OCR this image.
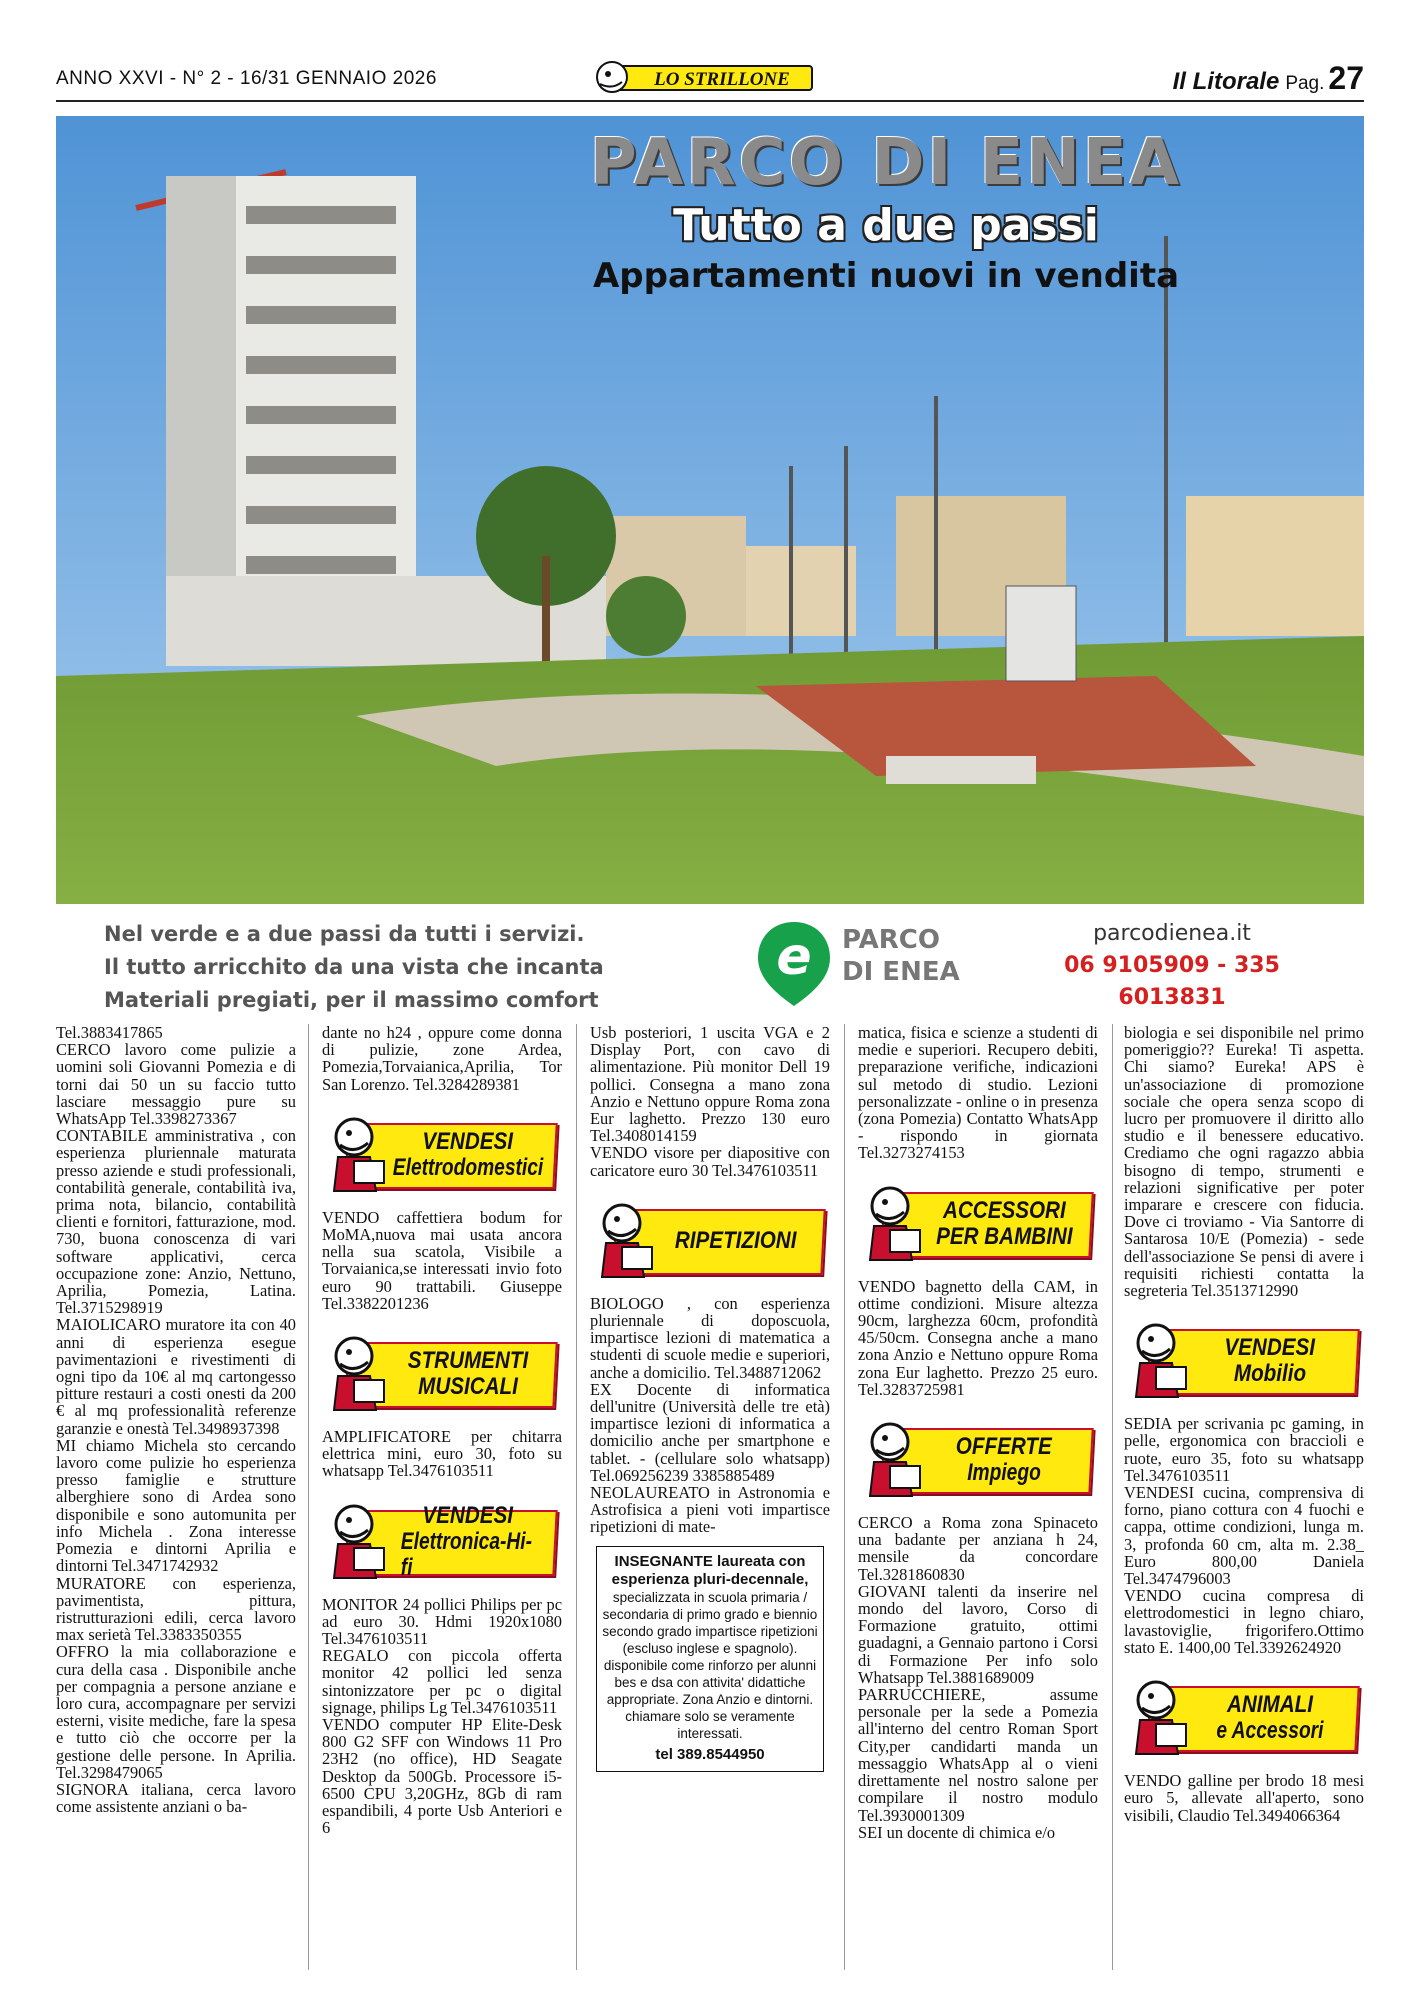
ANNO XXVI - N° 2 - 16/31 GENNAIO 2026	LO STRILLONE	Il Litorale Pag. 27
PARCO DI ENEA
Tutto a due passi
Appartamenti nuovi in vendita
Nel verde e a due passi da tutti i servizi.
Il tutto arricchito da una vista che incanta
Materiali pregiati, per il massimo comfort
e PARCO
DI ENEA
parcodienea.it
06 9105909 - 335 6013831

Tel.3883417865

CERCO lavoro come pulizie a uomini soli Giovanni Pomezia e di torni dai 50 un su faccio tutto lasciare messaggio pure su WhatsApp Tel.3398273367

CONTABILE amministrativa , con esperienza pluriennale maturata presso aziende e studi professionali, contabilità generale, contabilità iva, prima nota, bilancio, contabilità clienti e fornitori, fatturazione, mod. 730, buona conoscenza di vari software applicativi, cerca occupazione zone: Anzio, Nettuno, Aprilia, Pomezia, Latina. Tel.3715298919

MAIOLICARO muratore ita con 40 anni di esperienza esegue pavimentazioni e rivestimenti di ogni tipo da 10€ al mq cartongesso pitture restauri a costi onesti da 200 € al mq professionalità referenze garanzie e onestà Tel.3498937398

MI chiamo Michela sto cercando lavoro come pulizie ho esperienza presso famiglie e strutture alberghiere sono di Ardea sono disponibile e sono automunita per info Michela . Zona interesse Pomezia e dintorni Aprilia e dintorni Tel.3471742932

MURATORE con esperienza, pavimentista, pittura, ristrutturazioni edili, cerca lavoro max serietà Tel.3383350355

OFFRO la mia collaborazione e cura della casa . Disponibile anche per compagnia a persone anziane e loro cura, accompagnare per servizi esterni, visite mediche, fare la spesa e tutto ciò che occorre per la gestione delle persone. In Aprilia. Tel.3298479065

SIGNORA italiana, cerca lavoro come assistente anziani o ba-

dante no h24 , oppure come donna di pulizie, zone Ardea, Pomezia,Torvaianica,Aprilia, Tor San Lorenzo. Tel.3284289381

VENDESI
Elettrodomestici

VENDO caffettiera bodum for MoMA,nuova mai usata ancora nella sua scatola, Visibile a Torvaianica,se interessati invio foto euro 90 trattabili. Giuseppe Tel.3382201236

STRUMENTI
MUSICALI

AMPLIFICATORE per chitarra elettrica mini, euro 30, foto su whatsapp Tel.3476103511

VENDESI
Elettronica-Hi-fi

MONITOR 24 pollici Philips per pc ad euro 30. Hdmi 1920x1080 Tel.3476103511

REGALO con piccola offerta monitor 42 pollici led senza sintonizzatore per pc o digital signage, philips Lg Tel.3476103511

VENDO computer HP Elite-Desk 800 G2 SFF con Windows 11 Pro 23H2 (no office), HD Seagate Desktop da 500Gb. Processore i5-6500 CPU 3,20GHz, 8Gb di ram espandibili, 4 porte Usb Anteriori e 6

Usb posteriori, 1 uscita VGA e 2 Display Port, con cavo di alimentazione. Più monitor Dell 19 pollici. Consegna a mano zona Anzio e Nettuno oppure Roma zona Eur laghetto. Prezzo 130 euro Tel.3408014159

VENDO visore per diapositive con caricatore euro 30 Tel.3476103511

RIPETIZIONI

BIOLOGO , con esperienza pluriennale di doposcuola, impartisce lezioni di matematica a studenti di scuole medie e superiori, anche a domicilio. Tel.3488712062

EX Docente di informatica dell'unitre (Università delle tre età) impartisce lezioni di informatica a domicilio anche per smartphone e tablet. - (cellulare solo whatsapp) Tel.069256239 3385885489

NEOLAUREATO in Astronomia e Astrofisica a pieni voti impartisce ripetizioni di mate-

INSEGNANTE laureata con esperienza pluri-decennale,
specializzata in scuola primaria / secondaria di primo grado e biennio secondo grado impartisce ripetizioni (escluso inglese e spagnolo). disponibile come rinforzo per alunni bes e dsa con attivita' didattiche appropriate. Zona Anzio e dintorni. chiamare solo se veramente interessati.
tel 389.8544950

matica, fisica e scienze a studenti di medie e superiori. Recupero debiti, preparazione verifiche, indicazioni sul metodo di studio. Lezioni personalizzate - online o in presenza (zona Pomezia) Contatto WhatsApp - rispondo in giornata Tel.3273274153

ACCESSORI
PER BAMBINI

VENDO bagnetto della CAM, in ottime condizioni. Misure altezza 90cm, larghezza 60cm, profondità 45/50cm. Consegna anche a mano zona Anzio e Nettuno oppure Roma zona Eur laghetto. Prezzo 25 euro. Tel.3283725981

OFFERTE
Impiego

CERCO a Roma zona Spinaceto una badante per anziana h 24, mensile da concordare Tel.3281860830

GIOVANI talenti da inserire nel mondo del lavoro, Corso di Formazione gratuito, ottimi guadagni, a Gennaio partono i Corsi di Formazione Per info solo Whatsapp Tel.3881689009

PARRUCCHIERE, assume personale per la sede a Pomezia all'interno del centro Roman Sport City,per candidarti manda un messaggio WhatsApp al o vieni direttamente nel nostro salone per compilare il nostro modulo Tel.3930001309

SEI un docente di chimica e/o

biologia e sei disponibile nel primo pomeriggio?? Eureka! Ti aspetta. Chi siamo? Eureka! APS è un'associazione di promozione sociale che opera senza scopo di lucro per promuovere il diritto allo studio e il benessere educativo. Crediamo che ogni ragazzo abbia bisogno di tempo, strumenti e relazioni significative per poter imparare e crescere con fiducia. Dove ci troviamo - Via Santorre di Santarosa 10/E (Pomezia) - sede dell'associazione Se pensi di avere i requisiti richiesti contatta la segreteria Tel.3513712990

VENDESI
Mobilio

SEDIA per scrivania pc gaming, in pelle, ergonomica con braccioli e ruote, euro 35, foto su whatsapp Tel.3476103511

VENDESI cucina, comprensiva di forno, piano cottura con 4 fuochi e cappa, ottime condizioni, lunga m. 3, profonda 60 cm, alta m. 2.38_ Euro 800,00 Daniela Tel.3474796003

VENDO cucina compresa di elettrodomestici in legno chiaro, lavastoviglie, frigorifero.Ottimo stato E. 1400,00 Tel.3392624920

ANIMALI
e Accessori

VENDO galline per brodo 18 mesi euro 5, allevate all'aperto, sono visibili, Claudio Tel.3494066364
